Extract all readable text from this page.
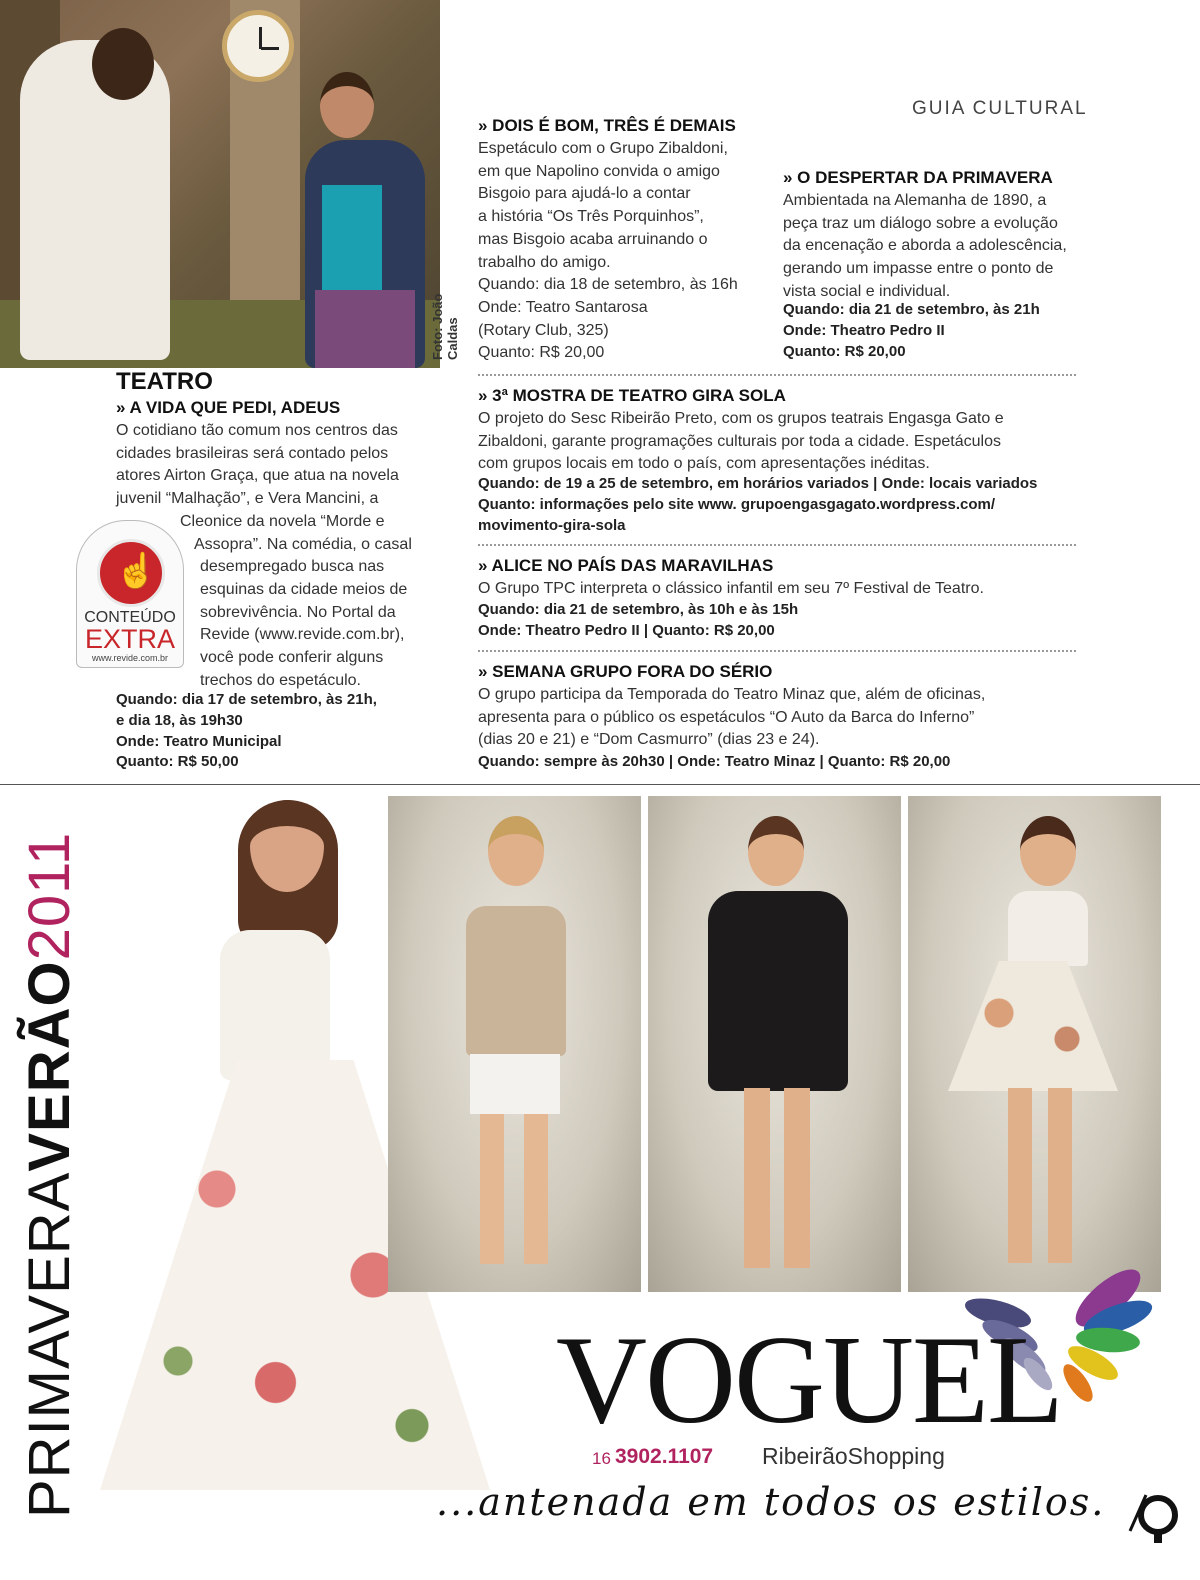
Foto: João Caldas
GUIA CULTURAL
TEATRO
» A VIDA QUE PEDI, ADEUS
O cotidiano tão comum nos centros das
cidades brasileiras será contado pelos
atores Airton Graça, que atua na novela
juvenil “Malhação”, e Vera Mancini, a
Cleonice da novela “Morde e
Assopra”. Na comédia, o casal
desempregado busca nas
esquinas da cidade meios de
sobrevivência. No Portal da
Revide (www.revide.com.br),
você pode conferir alguns
trechos do espetáculo.
Quando: dia 17 de setembro, às 21h,
e dia 18, às 19h30
Onde: Teatro Municipal
Quanto: R$ 50,00
☝
CONTEÚDO
EXTRA
www.revide.com.br
» DOIS É BOM, TRÊS É DEMAIS
Espetáculo com o Grupo Zibaldoni,
em que Napolino convida o amigo
Bisgoio para ajudá-lo a contar
a história “Os Três Porquinhos”,
mas Bisgoio acaba arruinando o
trabalho do amigo.
Quando: dia 18 de setembro, às 16h
Onde: Teatro Santarosa
(Rotary Club, 325)
Quanto: R$ 20,00
» O DESPERTAR DA PRIMAVERA
Ambientada na Alemanha de 1890, a
peça traz um diálogo sobre a evolução
da encenação e aborda a adolescência,
gerando um impasse entre o ponto de
vista social e individual.
Quando: dia 21 de setembro, às 21h
Onde: Theatro Pedro II
Quanto: R$ 20,00
» 3ª MOSTRA DE TEATRO GIRA SOLA
O projeto do Sesc Ribeirão Preto, com os grupos teatrais Engasga Gato e
Zibaldoni, garante programações culturais por toda a cidade. Espetáculos
com grupos locais em todo o país, com apresentações inéditas.
Quando: de 19 a 25 de setembro, em horários variados | Onde: locais variados
Quanto: informações pelo site www. grupoengasgagato.wordpress.com/
movimento-gira-sola
» ALICE NO PAÍS DAS MARAVILHAS
O Grupo TPC interpreta o clássico infantil em seu 7º Festival de Teatro.
Quando: dia 21 de setembro, às 10h e às 15h
Onde: Theatro Pedro II | Quanto: R$ 20,00
» SEMANA GRUPO FORA DO SÉRIO
O grupo participa da Temporada do Teatro Minaz que, além de oficinas,
apresenta para o público os espetáculos “O Auto da Barca do Inferno”
(dias 20 e 21) e “Dom Casmurro” (dias 23 e 24).
Quando: sempre às 20h30 | Onde: Teatro Minaz | Quanto: R$ 20,00
PRIMAVERAVERÃO2011
VOGUEL
16 3902.1107 RibeirãoShopping
...antenada em todos os estilos.
